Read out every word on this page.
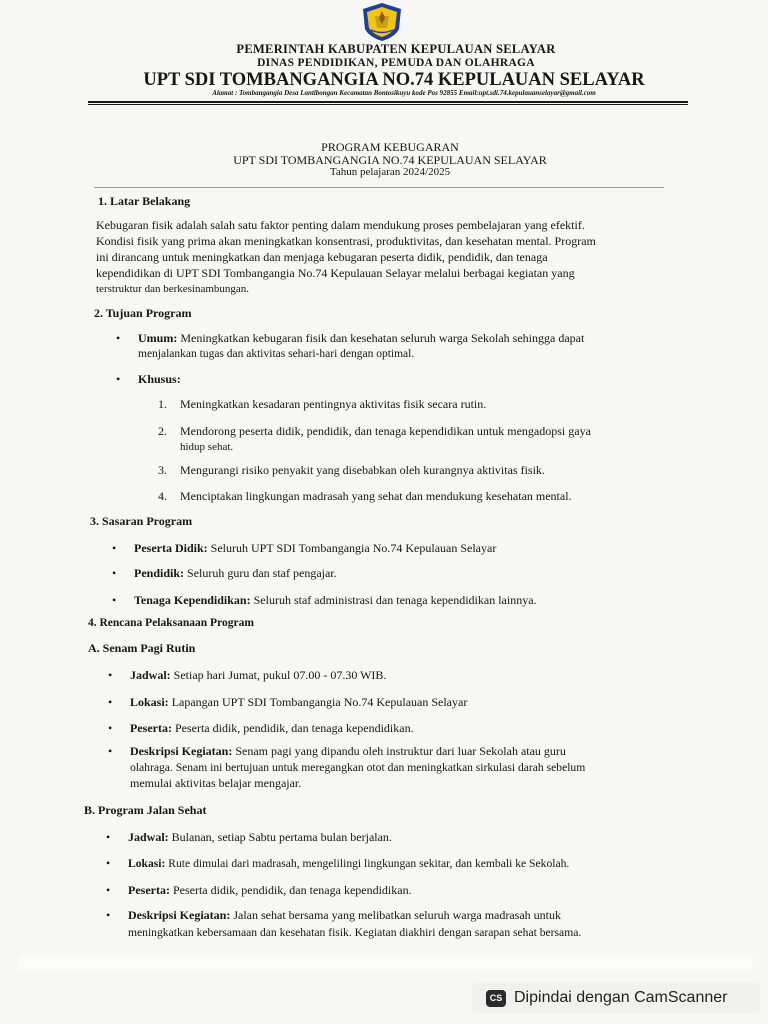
PEMERINTAH KABUPATEN KEPULAUAN SELAYAR

DINAS PENDIDIKAN, PEMUDA DAN OLAHRAGA

UPT SDI TOMBANGANGIA NO.74 KEPULAUAN SELAYAR

Alamat : Tombangangia Desa Lantibongan Kecamatan Bontosikuyu kode Pos 92855 Email:upt.sdi.74.kepulauanselayar@gmail.com

PROGRAM KEBUGARAN

UPT SDI TOMBANGANGIA NO.74 KEPULAUAN SELAYAR

Tahun pelajaran 2024/2025

1. Latar Belakang

Kebugaran fisik adalah salah satu faktor penting dalam mendukung proses pembelajaran yang efektif.

Kondisi fisik yang prima akan meningkatkan konsentrasi, produktivitas, dan kesehatan mental. Program

ini dirancang untuk meningkatkan dan menjaga kebugaran peserta didik, pendidik, dan tenaga

kependidikan di UPT SDI Tombangangia No.74 Kepulauan Selayar melalui berbagai kegiatan yang

terstruktur dan berkesinambungan.

2. Tujuan Program

• Umum: Meningkatkan kebugaran fisik dan kesehatan seluruh warga Sekolah sehingga dapat

menjalankan tugas dan aktivitas sehari-hari dengan optimal.

• Khusus:

1. Meningkatkan kesadaran pentingnya aktivitas fisik secara rutin.

2. Mendorong peserta didik, pendidik, dan tenaga kependidikan untuk mengadopsi gaya

hidup sehat.

3. Mengurangi risiko penyakit yang disebabkan oleh kurangnya aktivitas fisik.

4. Menciptakan lingkungan madrasah yang sehat dan mendukung kesehatan mental.

3. Sasaran Program

• Peserta Didik: Seluruh UPT SDI Tombangangia No.74 Kepulauan Selayar

• Pendidik: Seluruh guru dan staf pengajar.

• Tenaga Kependidikan: Seluruh staf administrasi dan tenaga kependidikan lainnya.

4. Rencana Pelaksanaan Program

A. Senam Pagi Rutin

• Jadwal: Setiap hari Jumat, pukul 07.00 - 07.30 WIB.

• Lokasi: Lapangan UPT SDI Tombangangia No.74 Kepulauan Selayar

• Peserta: Peserta didik, pendidik, dan tenaga kependidikan.

• Deskripsi Kegiatan: Senam pagi yang dipandu oleh instruktur dari luar Sekolah atau guru

olahraga. Senam ini bertujuan untuk meregangkan otot dan meningkatkan sirkulasi darah sebelum

memulai aktivitas belajar mengajar.

B. Program Jalan Sehat

• Jadwal: Bulanan, setiap Sabtu pertama bulan berjalan.

• Lokasi: Rute dimulai dari madrasah, mengelilingi lingkungan sekitar, dan kembali ke Sekolah.

• Peserta: Peserta didik, pendidik, dan tenaga kependidikan.

• Deskripsi Kegiatan: Jalan sehat bersama yang melibatkan seluruh warga madrasah untuk

meningkatkan kebersamaan dan kesehatan fisik. Kegiatan diakhiri dengan sarapan sehat bersama.

CS Dipindai dengan CamScanner
